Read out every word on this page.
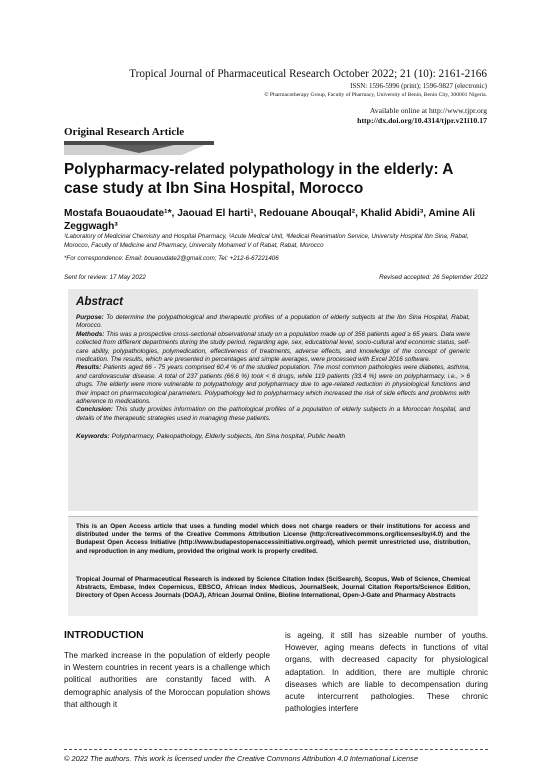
Tropical Journal of Pharmaceutical Research October 2022; 21 (10): 2161-2166
ISSN: 1596-5996 (print); 1596-9827 (electronic)
© Pharmacotherapy Group, Faculty of Pharmacy, University of Benin, Benin City, 300001 Nigeria.
Available online at http://www.tjpr.org
http://dx.doi.org/10.4314/tjpr.v21i10.17
Original Research Article
Polypharmacy-related polypathology in the elderly: A case study at Ibn Sina Hospital, Morocco
Mostafa Bouaoudate¹*, Jaouad El harti¹, Redouane Abouqal², Khalid Abidi³, Amine Ali Zeggwagh³
¹Laboratory of Medicinal Chemistry and Hospital Pharmacy, ²Acute Medical Unit, ³Medical Reanimation Service, University Hospital Ibn Sina, Rabat, Morocco, Faculty of Medicine and Pharmacy, University Mohamed V of Rabat, Rabat, Morocco
*For correspondence: Email: bouaoudate2@gmail.com; Tel: +212-6-67221406
Sent for review: 17 May 2022	Revised accepted: 26 September 2022
Abstract

Purpose: To determine the polypathological and therapeutic profiles of a population of elderly subjects at the Ibn Sina Hospital, Rabat, Morocco.

Methods: This was a prospective cross-sectional observational study on a population made up of 356 patients aged ≥ 65 years. Data were collected from different departments during the study period, regarding age, sex, educational level, socio-cultural and economic status, self-care ability, polypathologies, polymedication, effectiveness of treatments, adverse effects, and knowledge of the concept of generic medication. The results, which are presented in percentages and simple averages, were processed with Excel 2016 software.

Results: Patients aged 66 - 75 years comprised 60.4 % of the studied population. The most common pathologies were diabetes, asthma, and cardiovascular disease. A total of 237 patients (66.6 %) took < 6 drugs, while 119 patients (33.4 %) were on polypharmacy, i.e., > 6 drugs. The elderly were more vulnerable to polypathology and polypharmacy due to age-related reduction in physiological functions and their impact on pharmacological parameters. Polypathology led to polypharmacy which increased the risk of side effects and problems with adherence to medications.

Conclusion: This study provides information on the pathological profiles of a population of elderly subjects in a Moroccan hospital, and details of the therapeutic strategies used in managing these patients.

Keywords: Polypharmacy, Paleopathology, Elderly subjects, Ibn Sina hospital, Public health

This is an Open Access article that uses a funding model which does not charge readers or their institutions for access and distributed under the terms of the Creative Commons Attribution License (http://creativecommons.org/licenses/by/4.0) and the Budapest Open Access Initiative (http://www.budapestopenaccessinitiative.org/read), which permit unrestricted use, distribution, and reproduction in any medium, provided the original work is properly credited.

Tropical Journal of Pharmaceutical Research is indexed by Science Citation Index (SciSearch), Scopus, Web of Science, Chemical Abstracts, Embase, Index Copernicus, EBSCO, African Index Medicus, JournalSeek, Journal Citation Reports/Science Edition, Directory of Open Access Journals (DOAJ), African Journal Online, Bioline International, Open-J-Gate and Pharmacy Abstracts

INTRODUCTION
The marked increase in the population of elderly people in Western countries in recent years is a challenge which political authorities are constantly faced with. A demographic analysis of the Moroccan population shows that although it
is ageing, it still has sizeable number of youths. However, aging means defects in functions of vital organs, with decreased capacity for physiological adaptation. In addition, there are multiple chronic diseases which are liable to decompensation during acute intercurrent pathologies. These chronic pathologies interfere
© 2022 The authors. This work is licensed under the Creative Commons Attribution 4.0 International License
